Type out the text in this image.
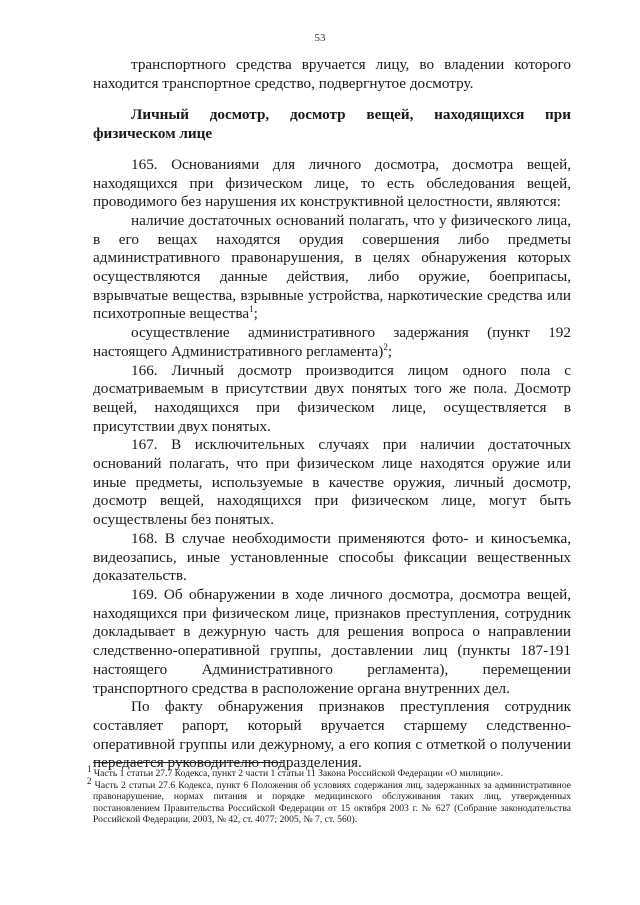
53

транспортного средства вручается лицу, во владении которого находится транспортное средство, подвергнутое досмотру.

Личный досмотр, досмотр вещей, находящихся при физическом лице

165. Основаниями для личного досмотра, досмотра вещей, находящихся при физическом лице, то есть обследования вещей, проводимого без нарушения их конструктивной целостности, являются:

наличие достаточных оснований полагать, что у физического лица, в его вещах находятся орудия совершения либо предметы административного правонарушения, в целях обнаружения которых осуществляются данные действия, либо оружие, боеприпасы, взрывчатые вещества, взрывные устройства, наркотические средства или психотропные вещества$^1$;

осуществление административного задержания (пункт 192 настоящего Административного регламента)$^2$;

166. Личный досмотр производится лицом одного пола с досматриваемым в присутствии двух понятых того же пола. Досмотр вещей, находящихся при физическом лице, осуществляется в присутствии двух понятых.

167. В исключительных случаях при наличии достаточных оснований полагать, что при физическом лице находятся оружие или иные предметы, используемые в качестве оружия, личный досмотр, досмотр вещей, находящихся при физическом лице, могут быть осуществлены без понятых.

168. В случае необходимости применяются фото- и киносъемка, видеозапись, иные установленные способы фиксации вещественных доказательств.

169. Об обнаружении в ходе личного досмотра, досмотра вещей, находящихся при физическом лице, признаков преступления, сотрудник докладывает в дежурную часть для решения вопроса о направлении следственно-оперативной группы, доставлении лиц (пункты 187-191 настоящего Административного регламента), перемещении транспортного средства в расположение органа внутренних дел.

По факту обнаружения признаков преступления сотрудник составляет рапорт, который вручается старшему следственно-оперативной группы или дежурному, а его копия с отметкой о получении передается руководителю подразделения.

$^1$ Часть 1 статьи 27.7 Кодекса, пункт 2 части 1 статьи 11 Закона Российской Федерации «О милиции».

$^2$ Часть 2 статьи 27.6 Кодекса, пункт 6 Положения об условиях содержания лиц, задержанных за административное правонарушение, нормах питания и порядке медицинского обслуживания таких лиц, утвержденных постановлением Правительства Российской Федерации от 15 октября 2003 г. № 627 (Собрание законодательства Российской Федерации, 2003, № 42, ст. 4077; 2005, № 7, ст. 560).
